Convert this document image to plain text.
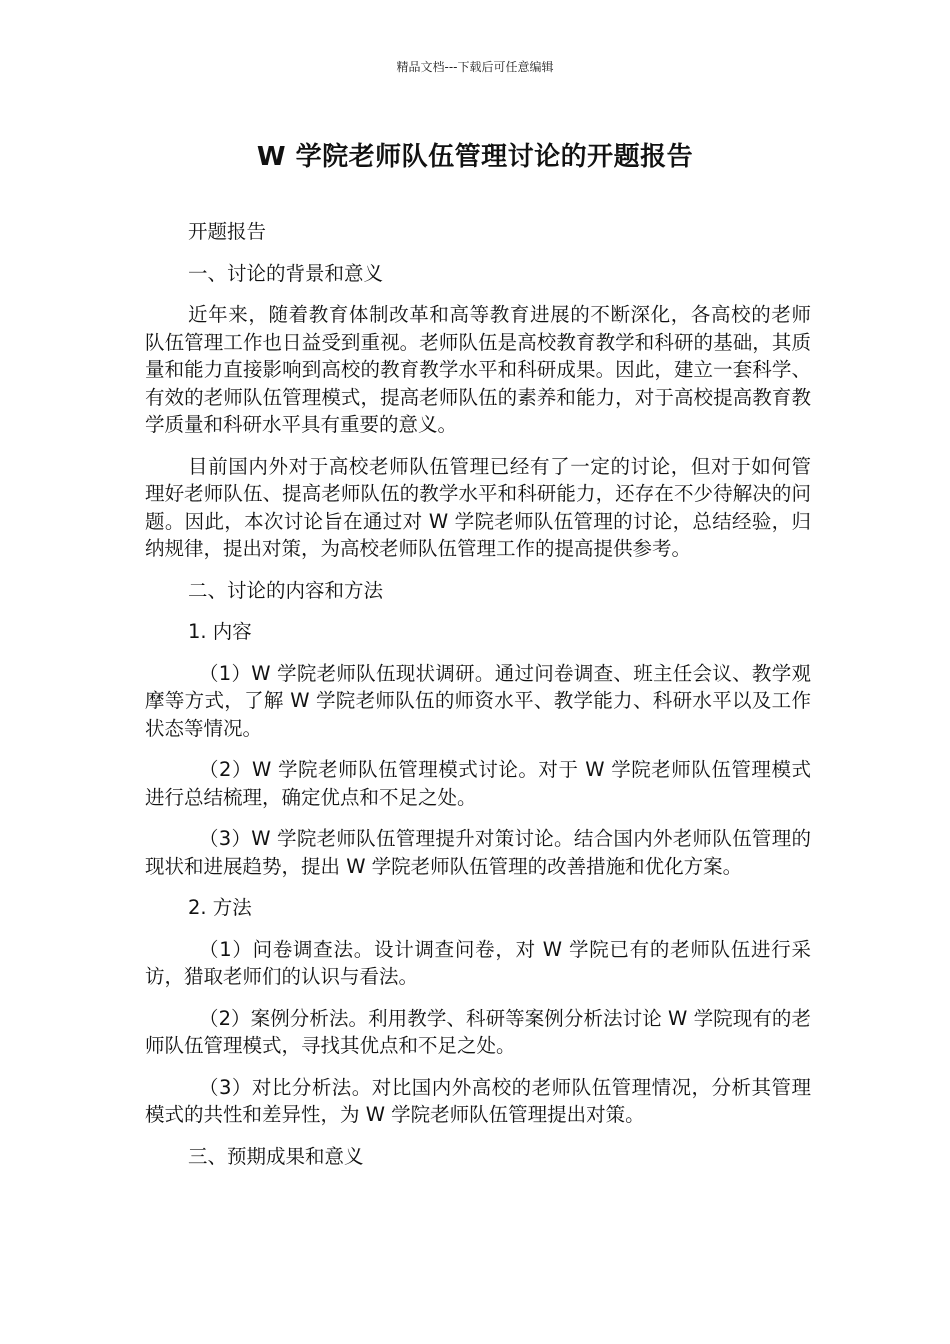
精品文档---下载后可任意编辑
W 学院老师队伍管理讨论的开题报告

开题报告

一、讨论的背景和意义

近年来，随着教育体制改革和高等教育进展的不断深化，各高校的老师队伍管理工作也日益受到重视。老师队伍是高校教育教学和科研的基础，其质量和能力直接影响到高校的教育教学水平和科研成果。因此，建立一套科学、有效的老师队伍管理模式，提高老师队伍的素养和能力，对于高校提高教育教学质量和科研水平具有重要的意义。

目前国内外对于高校老师队伍管理已经有了一定的讨论，但对于如何管理好老师队伍、提高老师队伍的教学水平和科研能力，还存在不少待解决的问题。因此，本次讨论旨在通过对 W 学院老师队伍管理的讨论，总结经验，归纳规律，提出对策，为高校老师队伍管理工作的提高提供参考。

二、讨论的内容和方法

1. 内容

（1）W 学院老师队伍现状调研。通过问卷调查、班主任会议、教学观摩等方式，了解 W 学院老师队伍的师资水平、教学能力、科研水平以及工作状态等情况。

（2）W 学院老师队伍管理模式讨论。对于 W 学院老师队伍管理模式进行总结梳理，确定优点和不足之处。

（3）W 学院老师队伍管理提升对策讨论。结合国内外老师队伍管理的现状和进展趋势，提出 W 学院老师队伍管理的改善措施和优化方案。

2. 方法

（1）问卷调查法。设计调查问卷，对 W 学院已有的老师队伍进行采访，猎取老师们的认识与看法。

（2）案例分析法。利用教学、科研等案例分析法讨论 W 学院现有的老师队伍管理模式，寻找其优点和不足之处。

（3）对比分析法。对比国内外高校的老师队伍管理情况，分析其管理模式的共性和差异性，为 W 学院老师队伍管理提出对策。

三、预期成果和意义
